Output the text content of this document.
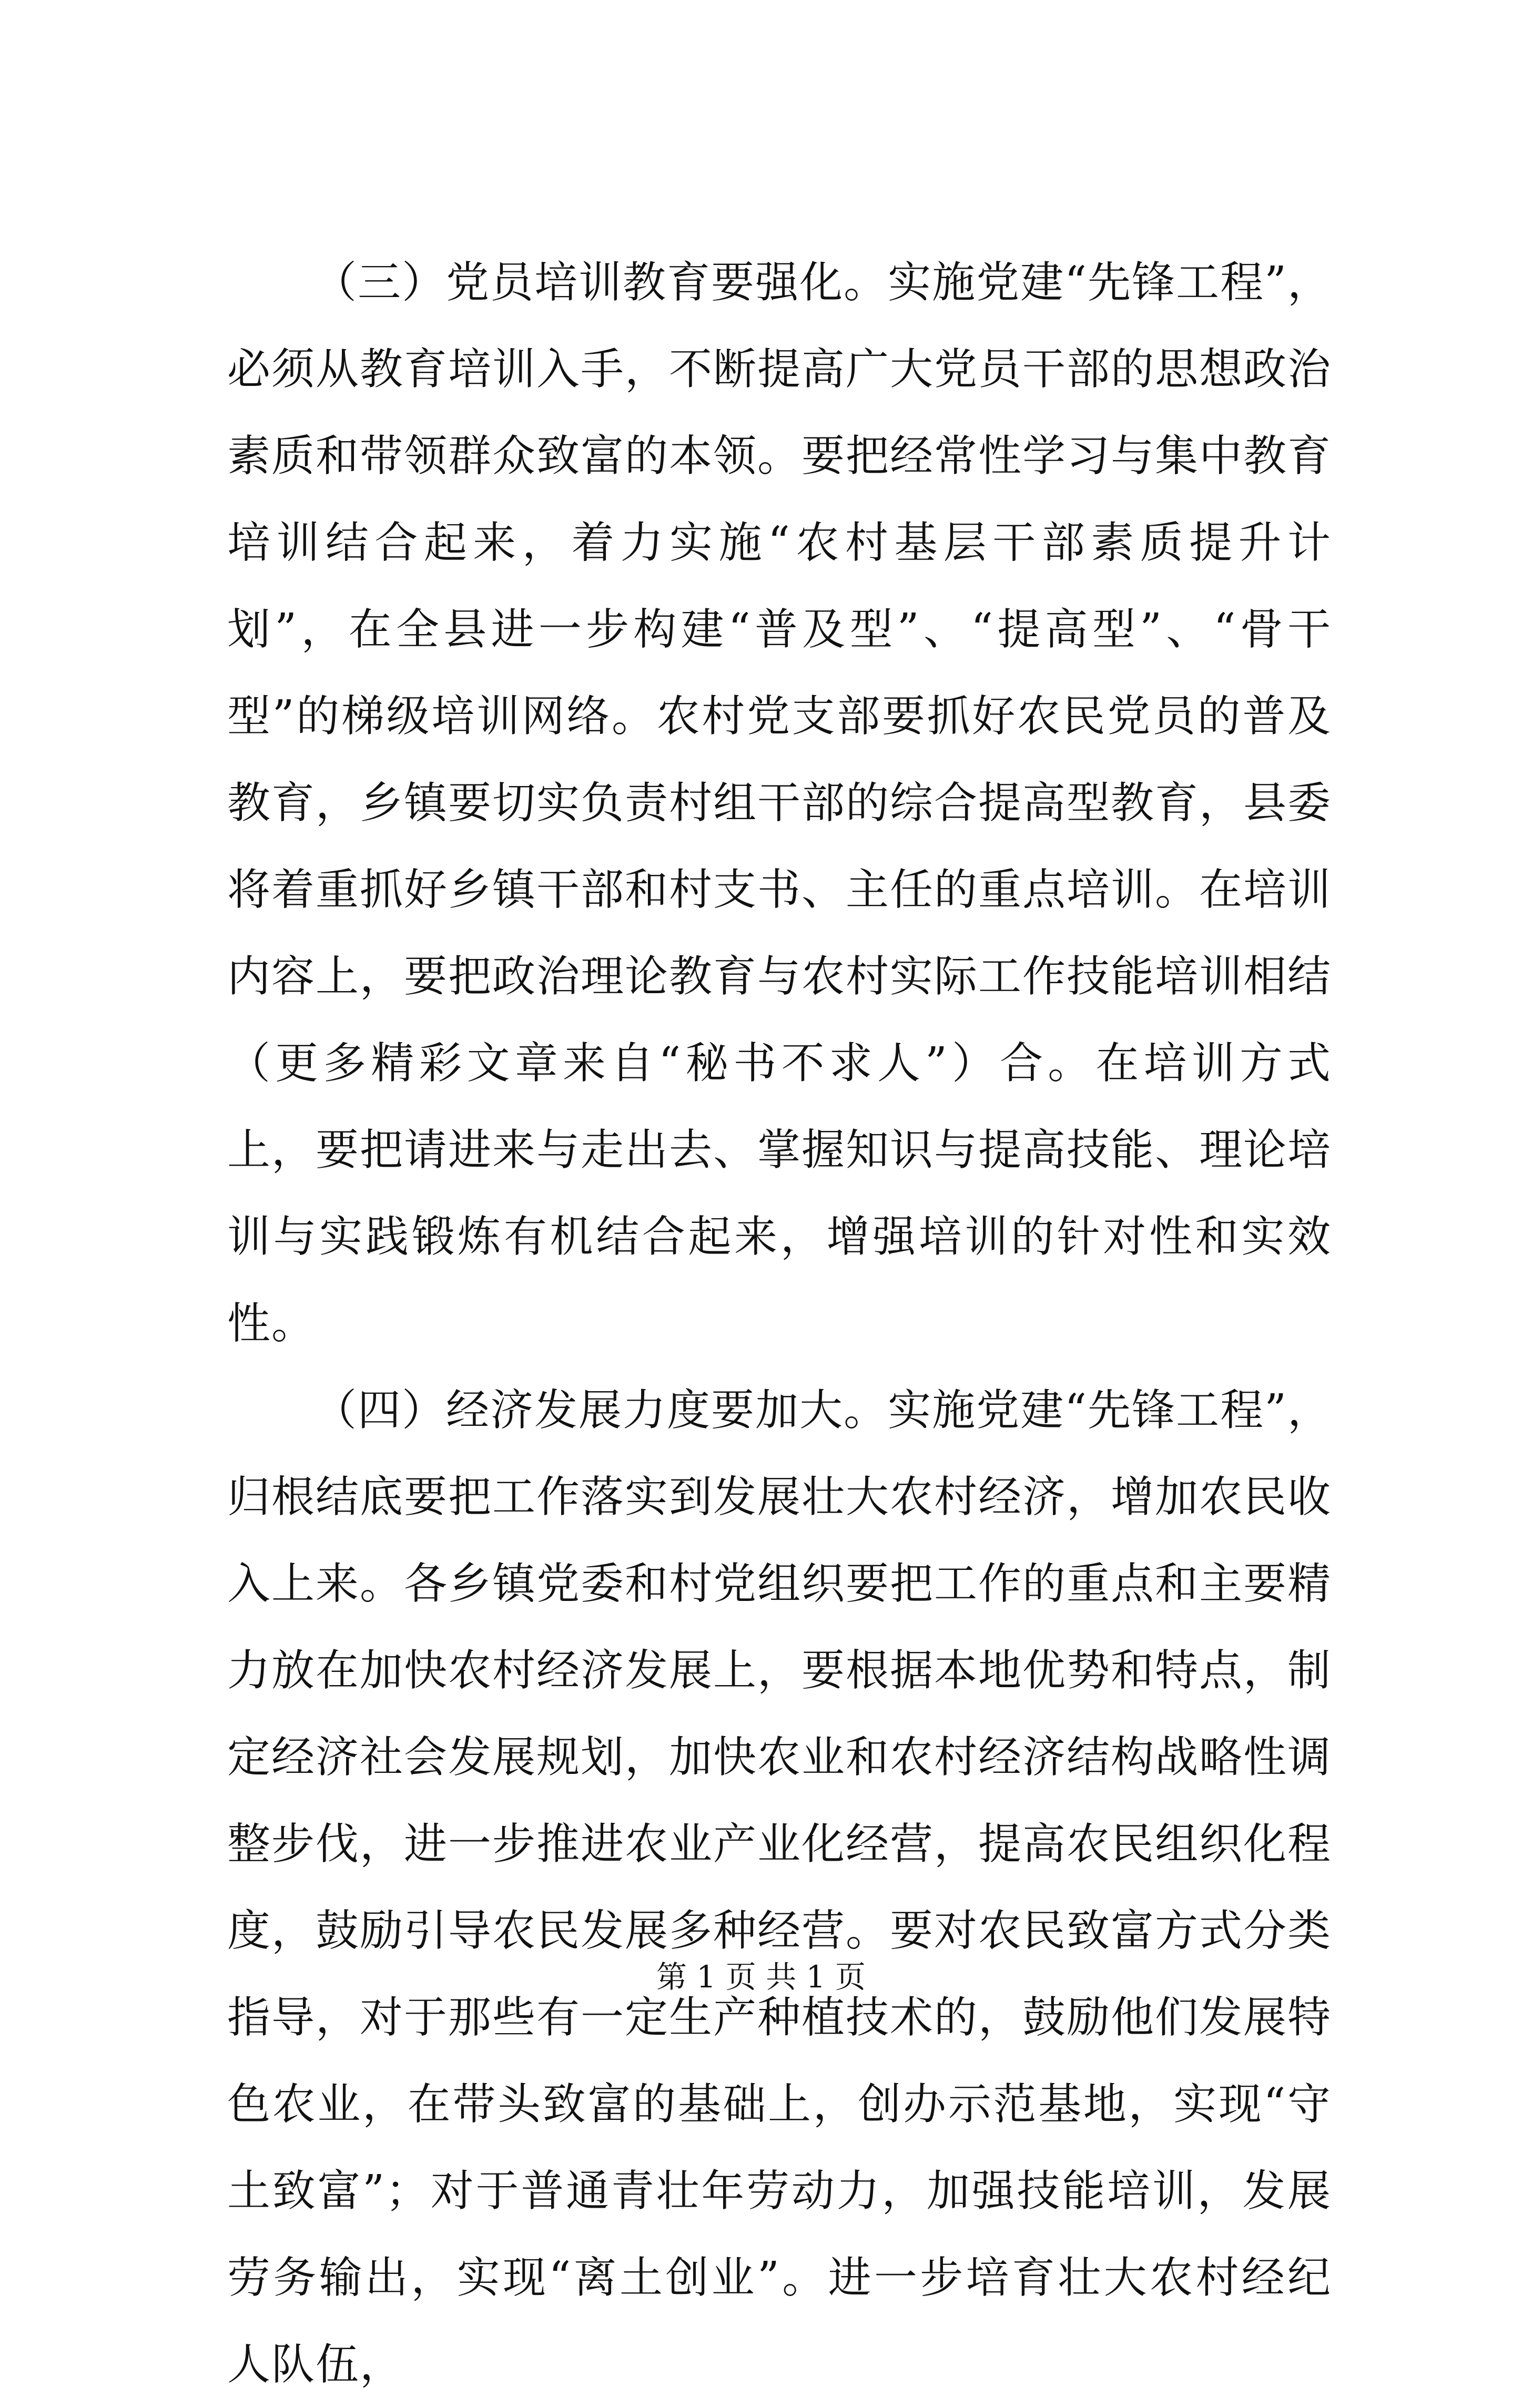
（三）党员培训教育要强化。实施党建“先锋工程”，必须从教育培训入手，不断提高广大党员干部的思想政治素质和带领群众致富的本领。要把经常性学习与集中教育培训结合起来，着力实施“农村基层干部素质提升计划”，在全县进一步构建“普及型”、“提高型”、“骨干型”的梯级培训网络。农村党支部要抓好农民党员的普及教育，乡镇要切实负责村组干部的综合提高型教育，县委将着重抓好乡镇干部和村支书、主任的重点培训。在培训内容上，要把政治理论教育与农村实际工作技能培训相结（更多精彩文章来自“秘书不求人”）合。在培训方式上，要把请进来与走出去、掌握知识与提高技能、理论培训与实践锻炼有机结合起来，增强培训的针对性和实效性。

（四）经济发展力度要加大。实施党建“先锋工程”，归根结底要把工作落实到发展壮大农村经济，增加农民收入上来。各乡镇党委和村党组织要把工作的重点和主要精力放在加快农村经济发展上，要根据本地优势和特点，制定经济社会发展规划，加快农业和农村经济结构战略性调整步伐，进一步推进农业产业化经营，提高农民组织化程度，鼓励引导农民发展多种经营。要对农民致富方式分类指导，对于那些有一定生产种植技术的，鼓励他们发展特色农业，在带头致富的基础上，创办示范基地，实现“守土致富”；对于普通青壮年劳动力，加强技能培训，发展劳务输出，实现“离土创业”。进一步培育壮大农村经纪人队伍，

第 1 页 共 1 页
